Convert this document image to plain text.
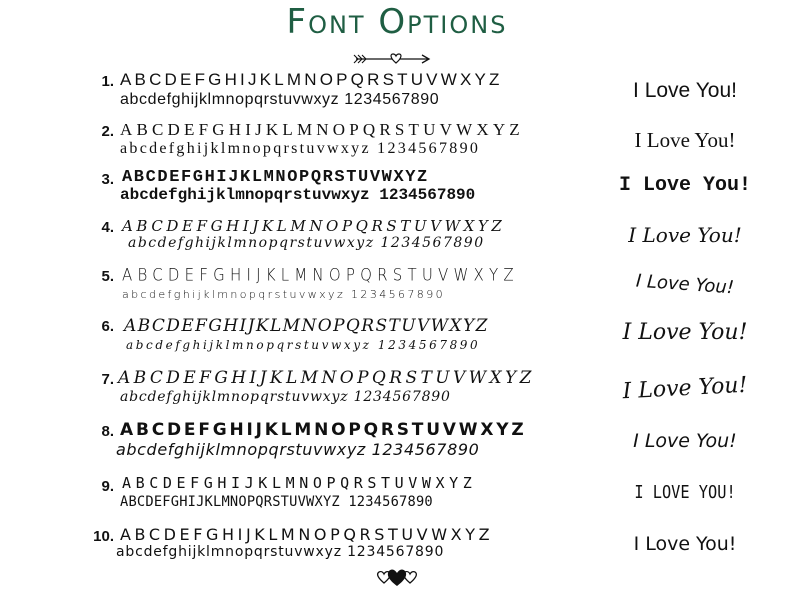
Font Options
1. ABCDEFGHIJKLMNOPQRSTUVWXYZ
abcdefghijklmnopqrstuvwxyz 1234567890	I Love You!
2. ABCDEFGHIJKLMNOPQRSTUVWXYZ
abcdefghijklmnopqrstuvwxyz 1234567890	I Love You!
3. ABCDEFGHIJKLMNOPQRSTUVWXYZ
abcdefghijklmnopqrstuvwxyz 1234567890	I Love You!
4. ABCDEFGHIJKLMNOPQRSTUVWXYZ
abcdefghijklmnopqrstuvwxyz 1234567890	I Love You!
5. ABCDEFGHIJKLMNOPQRSTUVWXYZ
abcdefghijklmnopqrstuvwxyz 1234567890	I Love You!
6. ABCDEFGHIJKLMNOPQRSTUVWXYZ
abcdefghijklmnopqrstuvwxyz 1234567890	I Love You!
7. ABCDEFGHIJKLMNOPQRSTUVWXYZ
abcdefghijklmnopqrstuvwxyz 1234567890	I Love You!
8. ABCDEFGHIJKLMNOPQRSTUVWXYZ
abcdefghijklmnopqrstuvwxyz 1234567890	I Love You!
9. ABCDEFGHIJKLMNOPQRSTUVWXYZ
ABCDEFGHIJKLMNOPQRSTUVWXYZ 1234567890	I LOVE YOU!
10. ABCDEFGHIJKLMNOPQRSTUVWXYZ
abcdefghijklmnopqrstuvwxyz 1234567890	I Love You!
